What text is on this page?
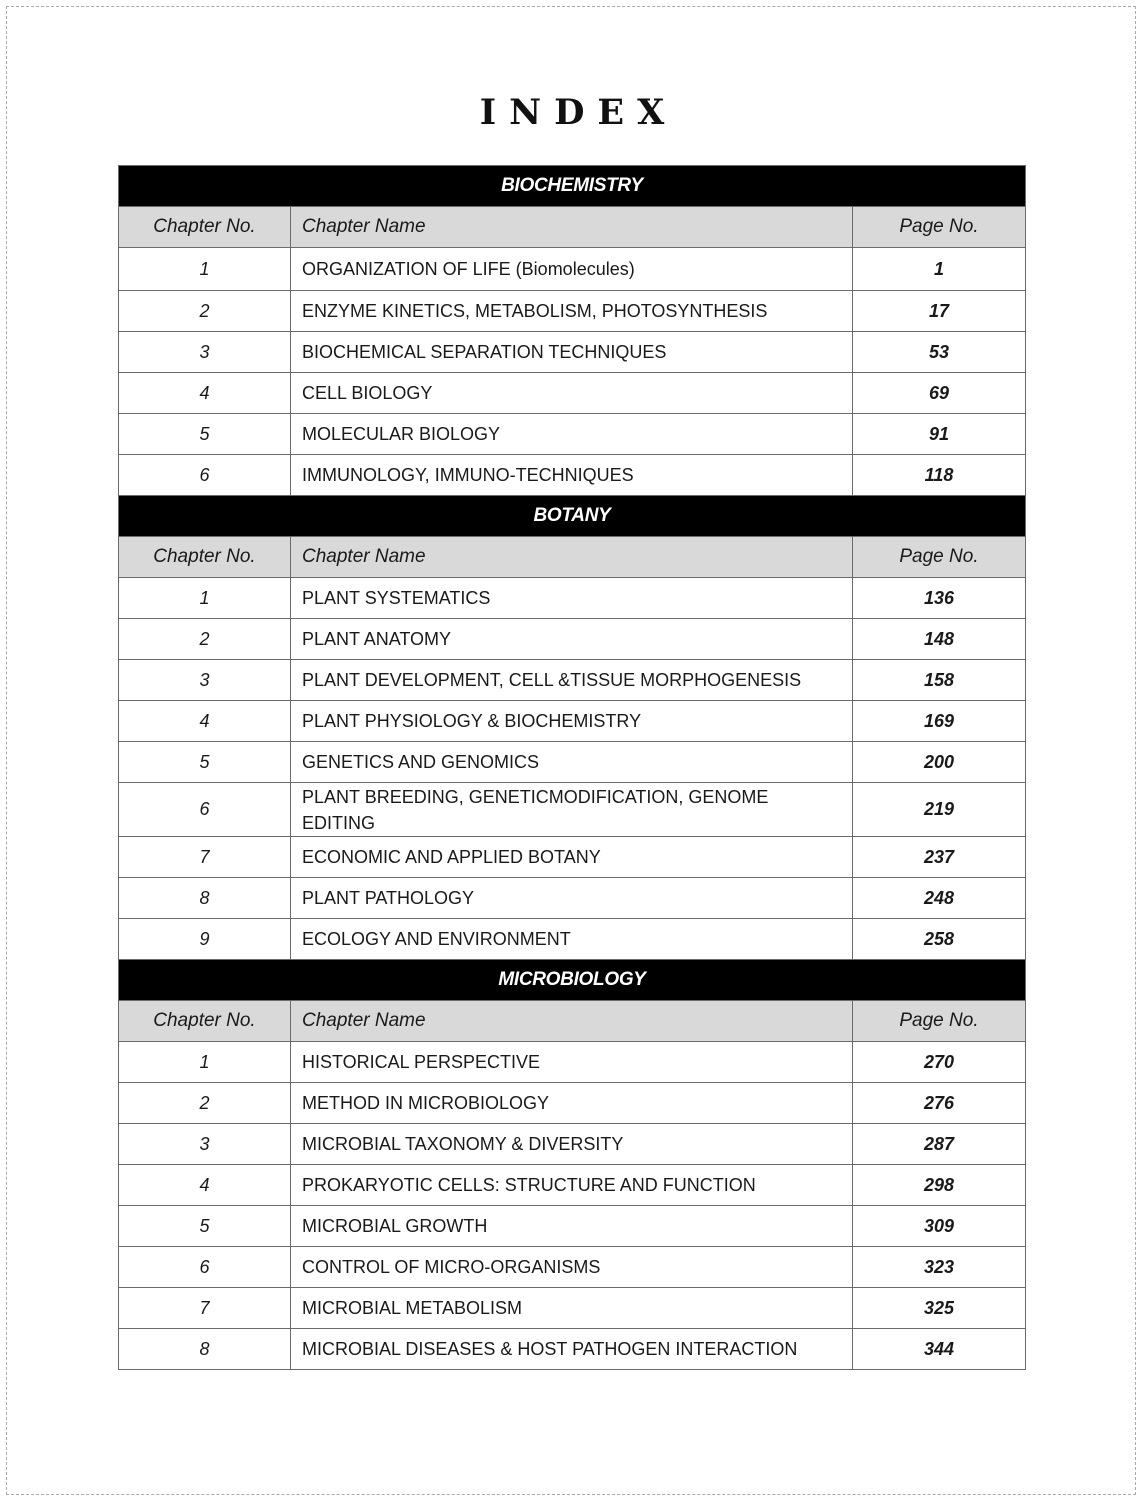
INDEX
BIOCHEMISTRY		
Chapter No.	Chapter Name	Page No.
1	ORGANIZATION OF LIFE (Biomolecules)	1
2	ENZYME KINETICS, METABOLISM, PHOTOSYNTHESIS	17
3	BIOCHEMICAL SEPARATION TECHNIQUES	53
4	CELL BIOLOGY	69
5	MOLECULAR BIOLOGY	91
6	IMMUNOLOGY, IMMUNO-TECHNIQUES	118
BOTANY		
Chapter No.	Chapter Name	Page No.
1	PLANT SYSTEMATICS	136
2	PLANT ANATOMY	148
3	PLANT DEVELOPMENT, CELL &TISSUE MORPHOGENESIS	158
4	PLANT PHYSIOLOGY & BIOCHEMISTRY	169
5	GENETICS AND GENOMICS	200
6	PLANT BREEDING, GENETICMODIFICATION, GENOME EDITING	219
7	ECONOMIC AND APPLIED BOTANY	237
8	PLANT PATHOLOGY	248
9	ECOLOGY AND ENVIRONMENT	258
MICROBIOLOGY		
Chapter No.	Chapter Name	Page No.
1	HISTORICAL PERSPECTIVE	270
2	METHOD IN MICROBIOLOGY	276
3	MICROBIAL TAXONOMY & DIVERSITY	287
4	PROKARYOTIC CELLS: STRUCTURE AND FUNCTION	298
5	MICROBIAL GROWTH	309
6	CONTROL OF MICRO-ORGANISMS	323
7	MICROBIAL METABOLISM	325
8	MICROBIAL DISEASES & HOST PATHOGEN INTERACTION	344
